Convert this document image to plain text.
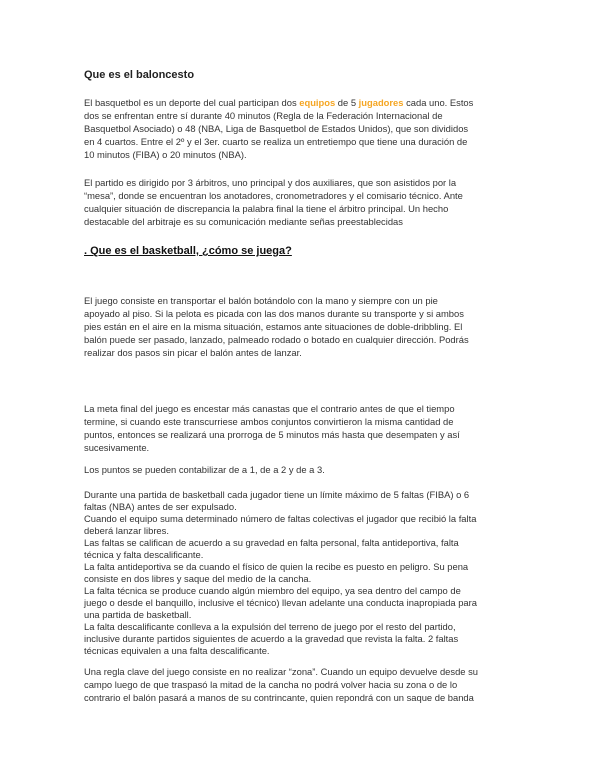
Que es el baloncesto

El basquetbol es un deporte del cual participan dos equipos de 5 jugadores cada uno. Estos

dos se enfrentan entre sí durante 40 minutos (Regla de la Federación Internacional de

Basquetbol Asociado) o 48 (NBA, Liga de Basquetbol de Estados Unidos), que son divididos

en 4 cuartos. Entre el 2º y el 3er. cuarto se realiza un entretiempo que tiene una duración de

10 minutos (FIBA) o 20 minutos (NBA).

El partido es dirigido por 3 árbitros, uno principal y dos auxiliares, que son asistidos por la

“mesa”, donde se encuentran los anotadores, cronometradores y el comisario técnico. Ante

cualquier situación de discrepancia la palabra final la tiene el árbitro principal. Un hecho

destacable del arbitraje es su comunicación mediante señas preestablecidas

. Que es el basketball, ¿cómo se juega?

El juego consiste en transportar el balón botándolo con la mano y siempre con un pie

apoyado al piso. Si la pelota es picada con las dos manos durante su transporte y si ambos

pies están en el aire en la misma situación, estamos ante situaciones de doble-dribbling. El

balón puede ser pasado, lanzado, palmeado rodado o botado en cualquier dirección. Podrás

realizar dos pasos sin picar el balón antes de lanzar.

La meta final del juego es encestar más canastas que el contrario antes de que el tiempo

termine, si cuando este transcurriese ambos conjuntos convirtieron la misma cantidad de

puntos, entonces se realizará una prorroga de 5 minutos más hasta que desempaten y así

sucesivamente.

Los puntos se pueden contabilizar de a 1, de a 2 y de a 3.

Durante una partida de basketball cada jugador tiene un límite máximo de 5 faltas (FIBA) o 6

faltas (NBA) antes de ser expulsado.

Cuando el equipo suma determinado número de faltas colectivas el jugador que recibió la falta

deberá lanzar libres.

Las faltas se califican de acuerdo a su gravedad en falta personal, falta antideportiva, falta

técnica y falta descalificante.

La falta antideportiva se da cuando el físico de quien la recibe es puesto en peligro. Su pena

consiste en dos libres y saque del medio de la cancha.

La falta técnica se produce cuando algún miembro del equipo, ya sea dentro del campo de

juego o desde el banquillo, inclusive el técnico) llevan adelante una conducta inapropiada para

una partida de basketball.

La falta descalificante conlleva a la expulsión del terreno de juego por el resto del partido,

inclusive durante partidos siguientes de acuerdo a la gravedad que revista la falta. 2 faltas

técnicas equivalen a una falta descalificante.

Una regla clave del juego consiste en no realizar “zona”. Cuando un equipo devuelve desde su

campo luego de que traspasó la mitad de la cancha no podrá volver hacia su zona o de lo

contrario el balón pasará a manos de su contrincante, quien repondrá con un saque de banda
